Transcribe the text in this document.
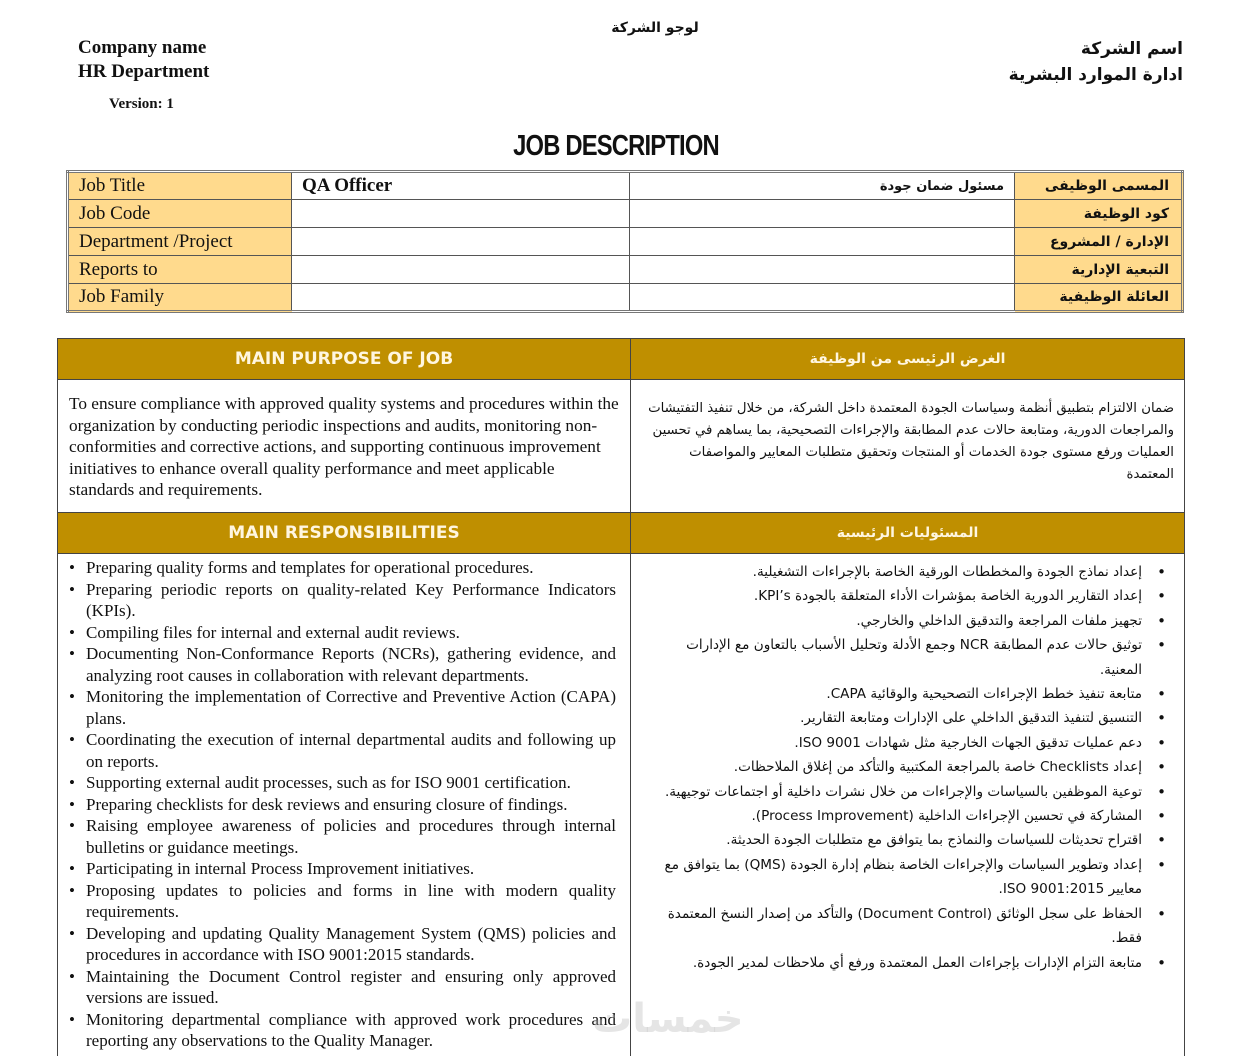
Company name
HR Department
Version: 1
لوجو الشركة
اسم الشركة
ادارة الموارد البشرية
JOB DESCRIPTION
Job Title	QA Officer	مسئول ضمان جودة	المسمى الوظيفى
Job Code			كود الوظيفة
Department /Project			الإدارة / المشروع
Reports to			التبعية الإدارية
Job Family			العائلة الوظيفية
MAIN PURPOSE OF JOB	الغرض الرئيسى من الوظيفة

To ensure compliance with approved quality systems and procedures within the organization by conducting periodic inspections and audits, monitoring non-conformities and corrective actions, and supporting continuous improvement initiatives to enhance overall quality performance and meet applicable standards and requirements.

ضمان الالتزام بتطبيق أنظمة وسياسات الجودة المعتمدة داخل الشركة، من خلال تنفيذ التفتيشات والمراجعات الدورية، ومتابعة حالات عدم المطابقة والإجراءات التصحيحية، بما يساهم في تحسين العمليات ورفع مستوى جودة الخدمات أو المنتجات وتحقيق متطلبات المعايير والمواصفات المعتمدة

MAIN RESPONSIBILITIES	المسئوليات الرئيسية

• Preparing quality forms and templates for operational procedures.
• Preparing periodic reports on quality-related Key Performance Indicators (KPIs).
• Compiling files for internal and external audit reviews.
• Documenting Non-Conformance Reports (NCRs), gathering evidence, and analyzing root causes in collaboration with relevant departments.
• Monitoring the implementation of Corrective and Preventive Action (CAPA) plans.
• Coordinating the execution of internal departmental audits and following up on reports.
• Supporting external audit processes, such as for ISO 9001 certification.
• Preparing checklists for desk reviews and ensuring closure of findings.
• Raising employee awareness of policies and procedures through internal bulletins or guidance meetings.
• Participating in internal Process Improvement initiatives.
• Proposing updates to policies and forms in line with modern quality requirements.
• Developing and updating Quality Management System (QMS) policies and procedures in accordance with ISO 9001:2015 standards.
• Maintaining the Document Control register and ensuring only approved versions are issued.
• Monitoring departmental compliance with approved work procedures and reporting any observations to the Quality Manager.

• إعداد نماذج الجودة والمخططات الورقية الخاصة بالإجراءات التشغيلية.
• إعداد التقارير الدورية الخاصة بمؤشرات الأداء المتعلقة بالجودة KPI’s.
• تجهيز ملفات المراجعة والتدقيق الداخلي والخارجي.
• توثيق حالات عدم المطابقة NCR وجمع الأدلة وتحليل الأسباب بالتعاون مع الإدارات المعنية.
• متابعة تنفيذ خطط الإجراءات التصحيحية والوقائية CAPA.
• التنسيق لتنفيذ التدقيق الداخلي على الإدارات ومتابعة التقارير.
• دعم عمليات تدقيق الجهات الخارجية مثل شهادات ISO 9001.
• إعداد Checklists خاصة بالمراجعة المكتبية والتأكد من إغلاق الملاحظات.
• توعية الموظفين بالسياسات والإجراءات من خلال نشرات داخلية أو اجتماعات توجيهية.
• المشاركة في تحسين الإجراءات الداخلية (Process Improvement).
• اقتراح تحديثات للسياسات والنماذج بما يتوافق مع متطلبات الجودة الحديثة.
• إعداد وتطوير السياسات والإجراءات الخاصة بنظام إدارة الجودة (QMS) بما يتوافق مع معايير ISO 9001:2015.
• الحفاظ على سجل الوثائق (Document Control) والتأكد من إصدار النسخ المعتمدة فقط.
• متابعة التزام الإدارات بإجراءات العمل المعتمدة ورفع أي ملاحظات لمدير الجودة.
خمسات
